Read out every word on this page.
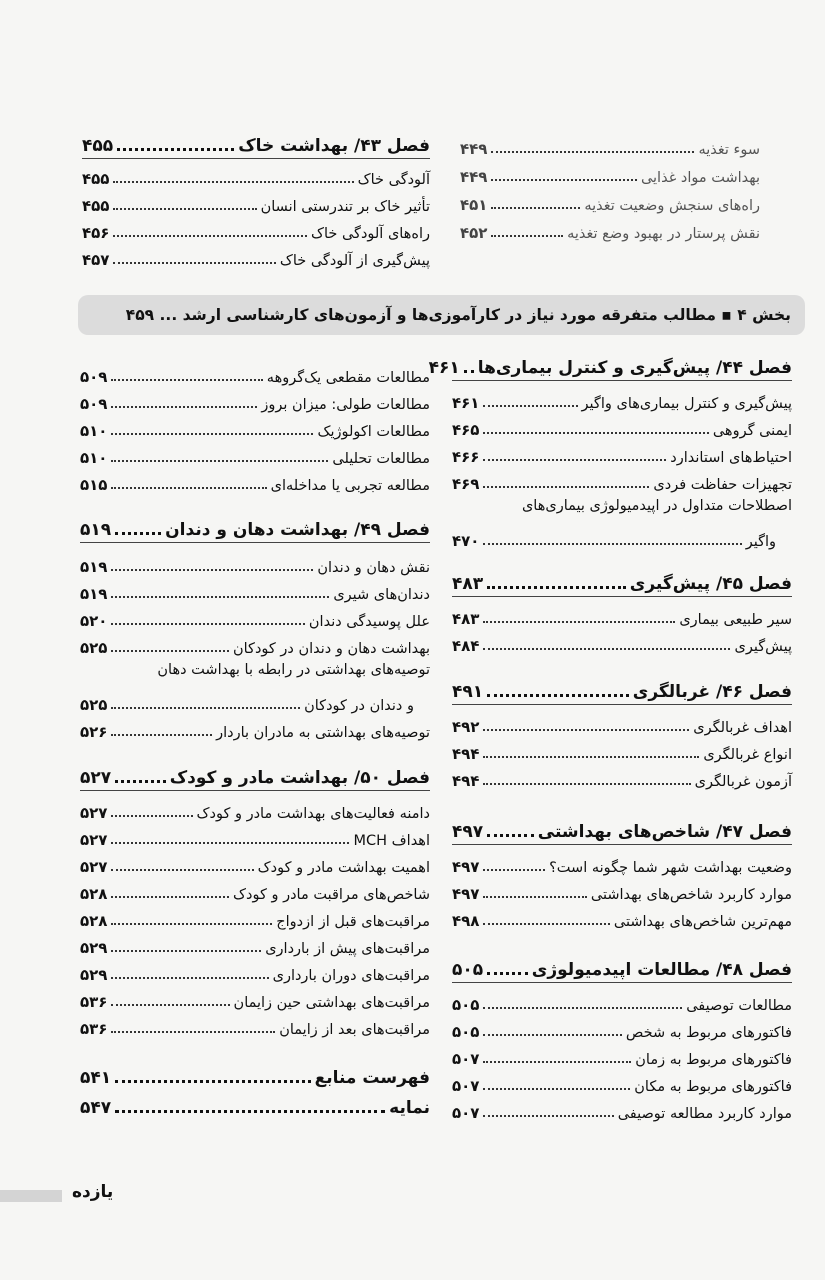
سوء تغذیه
۴۴۹
بهداشت مواد غذایی
۴۴۹
راه‌های سنجش وضعیت تغذیه
۴۵۱
نقش پرستار در بهبود وضع تغذیه
۴۵۲
فصل ۴۳/ بهداشت خاک
۴۵۵
آلودگی خاک
۴۵۵
تأثیر خاک بر تندرستی انسان
۴۵۵
راه‌های آلودگی خاک
۴۵۶
پیش‌گیری از آلودگی خاک
۴۵۷
بخش ۴ ▪ مطالب متفرقه مورد نیاز در کارآموزی‌ها و آزمون‌های کارشناسی ارشد ... ۴۵۹
فصل ۴۴/ پیش‌گیری و کنترل بیماری‌ها
۴۶۱
پیش‌گیری و کنترل بیماری‌های واگیر
۴۶۱
ایمنی گروهی
۴۶۵
احتیاط‌های استاندارد
۴۶۶
تجهیزات حفاظت فردی
۴۶۹
اصطلاحات متداول در اپیدمیولوژی بیماری‌های
واگیر
۴۷۰
فصل ۴۵/ پیش‌گیری
۴۸۳
سیر طبیعی بیماری
۴۸۳
پیش‌گیری
۴۸۴
فصل ۴۶/ غربالگری
۴۹۱
اهداف غربالگری
۴۹۲
انواع غربالگری
۴۹۴
آزمون غربالگری
۴۹۴
فصل ۴۷/ شاخص‌های بهداشتی
۴۹۷
وضعیت بهداشت شهر شما چگونه است؟
۴۹۷
موارد کاربرد شاخص‌های بهداشتی
۴۹۷
مهم‌ترین شاخص‌های بهداشتی
۴۹۸
فصل ۴۸/ مطالعات اپیدمیولوژی
۵۰۵
مطالعات توصیفی
۵۰۵
فاکتورهای مربوط به شخص
۵۰۵
فاکتورهای مربوط به زمان
۵۰۷
فاکتورهای مربوط به مکان
۵۰۷
موارد کاربرد مطالعه توصیفی
۵۰۷
مطالعات مقطعی یک‌گروهه
۵۰۹
مطالعات طولی: میزان بروز
۵۰۹
مطالعات اکولوژیک
۵۱۰
مطالعات تحلیلی
۵۱۰
مطالعه تجربی یا مداخله‌ای
۵۱۵
فصل ۴۹/ بهداشت دهان و دندان
۵۱۹
نقش دهان و دندان
۵۱۹
دندان‌های شیری
۵۱۹
علل پوسیدگی دندان
۵۲۰
بهداشت دهان و دندان در کودکان
۵۲۵
توصیه‌های بهداشتی در رابطه با بهداشت دهان
و دندان در کودکان
۵۲۵
توصیه‌های بهداشتی به مادران باردار
۵۲۶
فصل ۵۰/ بهداشت مادر و کودک
۵۲۷
دامنه فعالیت‌های بهداشت مادر و کودک
۵۲۷
اهداف MCH
۵۲۷
اهمیت بهداشت مادر و کودک
۵۲۷
شاخص‌های مراقبت مادر و کودک
۵۲۸
مراقبت‌های قبل از ازدواج
۵۲۸
مراقبت‌های پیش از بارداری
۵۲۹
مراقبت‌های دوران بارداری
۵۲۹
مراقبت‌های بهداشتی حین زایمان
۵۳۶
مراقبت‌های بعد از زایمان
۵۳۶
فهرست منابع
۵۴۱
نمایه
۵۴۷
یازده
